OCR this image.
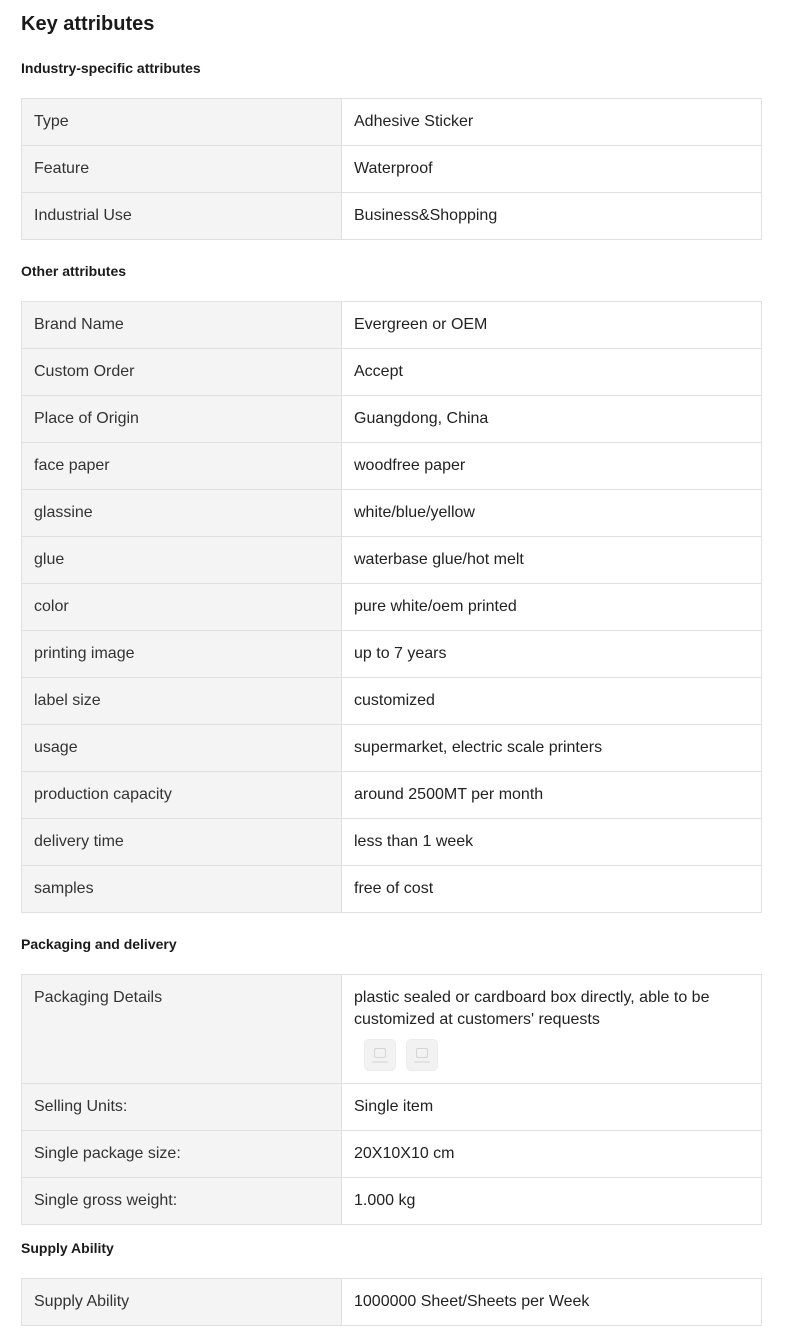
Key attributes
Industry-specific attributes
Type	Adhesive Sticker
Feature	Waterproof
Industrial Use	Business&Shopping
Other attributes
Brand Name	Evergreen or OEM
Custom Order	Accept
Place of Origin	Guangdong, China
face paper	woodfree paper
glassine	white/blue/yellow
glue	waterbase glue/hot melt
color	pure white/oem printed
printing image	up to 7 years
label size	customized
usage	supermarket, electric scale printers
production capacity	around 2500MT per month
delivery time	less than 1 week
samples	free of cost
Packaging and delivery
Packaging Details	plastic sealed or cardboard box directly, able to be customized at customers' requests

Selling Units:	Single item
Single package size:	20X10X10 cm
Single gross weight:	1.000 kg
Supply Ability
Supply Ability	1000000 Sheet/Sheets per Week
